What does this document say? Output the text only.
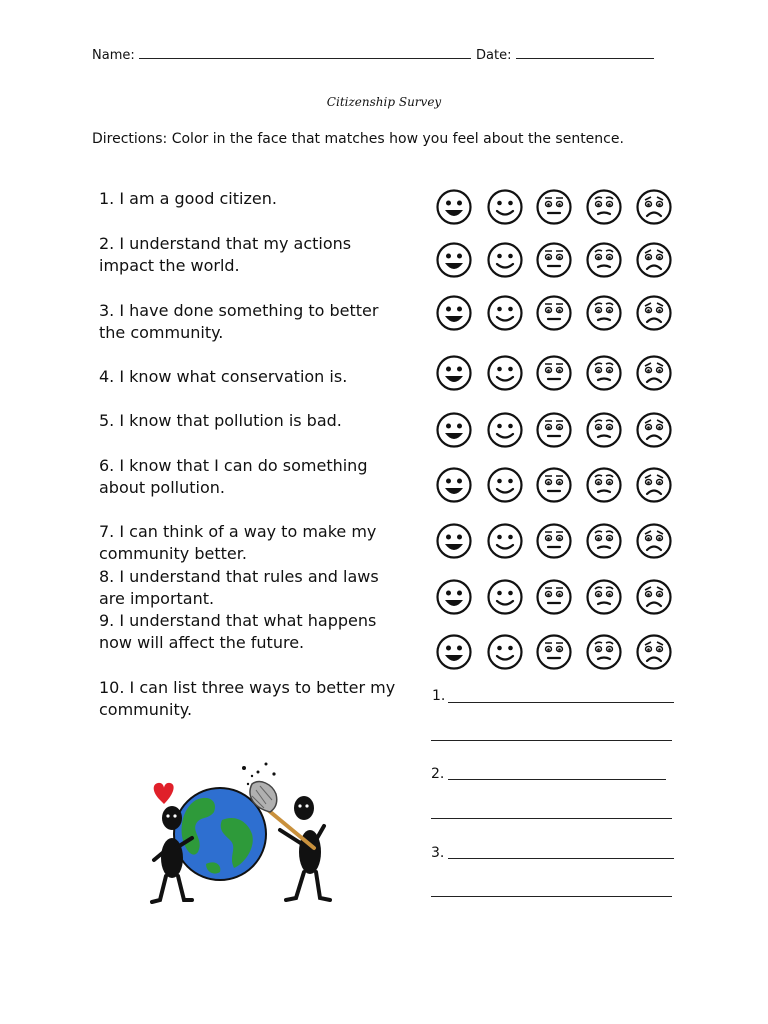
Name:	Date:
Citizenship Survey
Directions: Color in the face that matches how you feel about the sentence.
1. I am a good citizen.
2. I understand that my actions
impact the world.
3. I have done something to better
the community.
4. I know what conservation is.
5. I know that pollution is bad.
6. I know that I can do something
about pollution.
7. I can think of a way to make my
community better.
8. I understand that rules and laws
are important.
9. I understand that what happens
now will affect the future.
10. I can list three ways to better my
community.
1.
2.
3.
